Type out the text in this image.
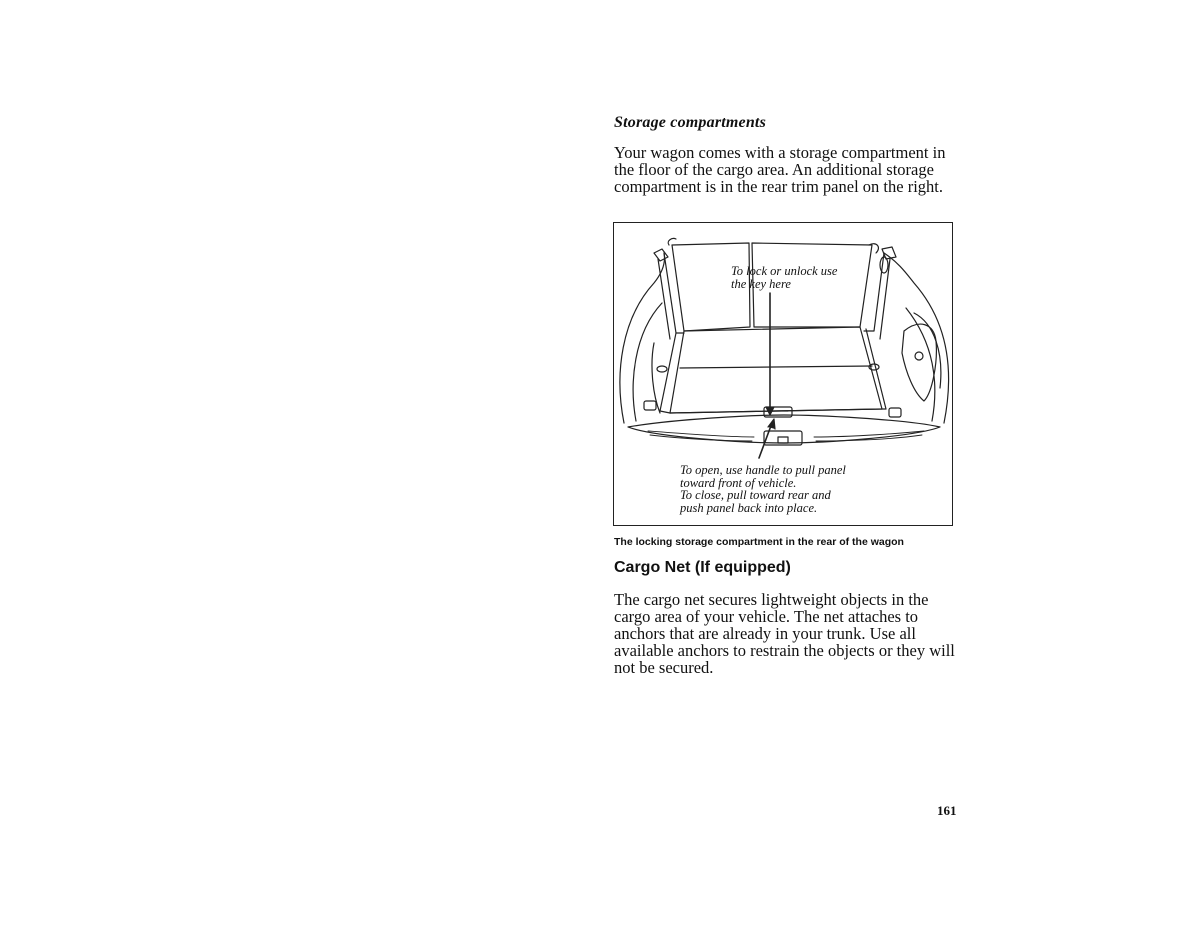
Storage compartments

Your wagon comes with a storage compartment in the floor of the cargo area. An additional storage compartment is in the rear trim panel on the right.

To lock or unlock use
the key here
To open, use handle to pull panel
toward front of vehicle.
To close, pull toward rear and
push panel back into place.
The locking storage compartment in the rear of the wagon
Cargo Net (If equipped)

The cargo net secures lightweight objects in the cargo area of your vehicle. The net attaches to anchors that are already in your trunk. Use all available anchors to restrain the objects or they will not be secured.

161
